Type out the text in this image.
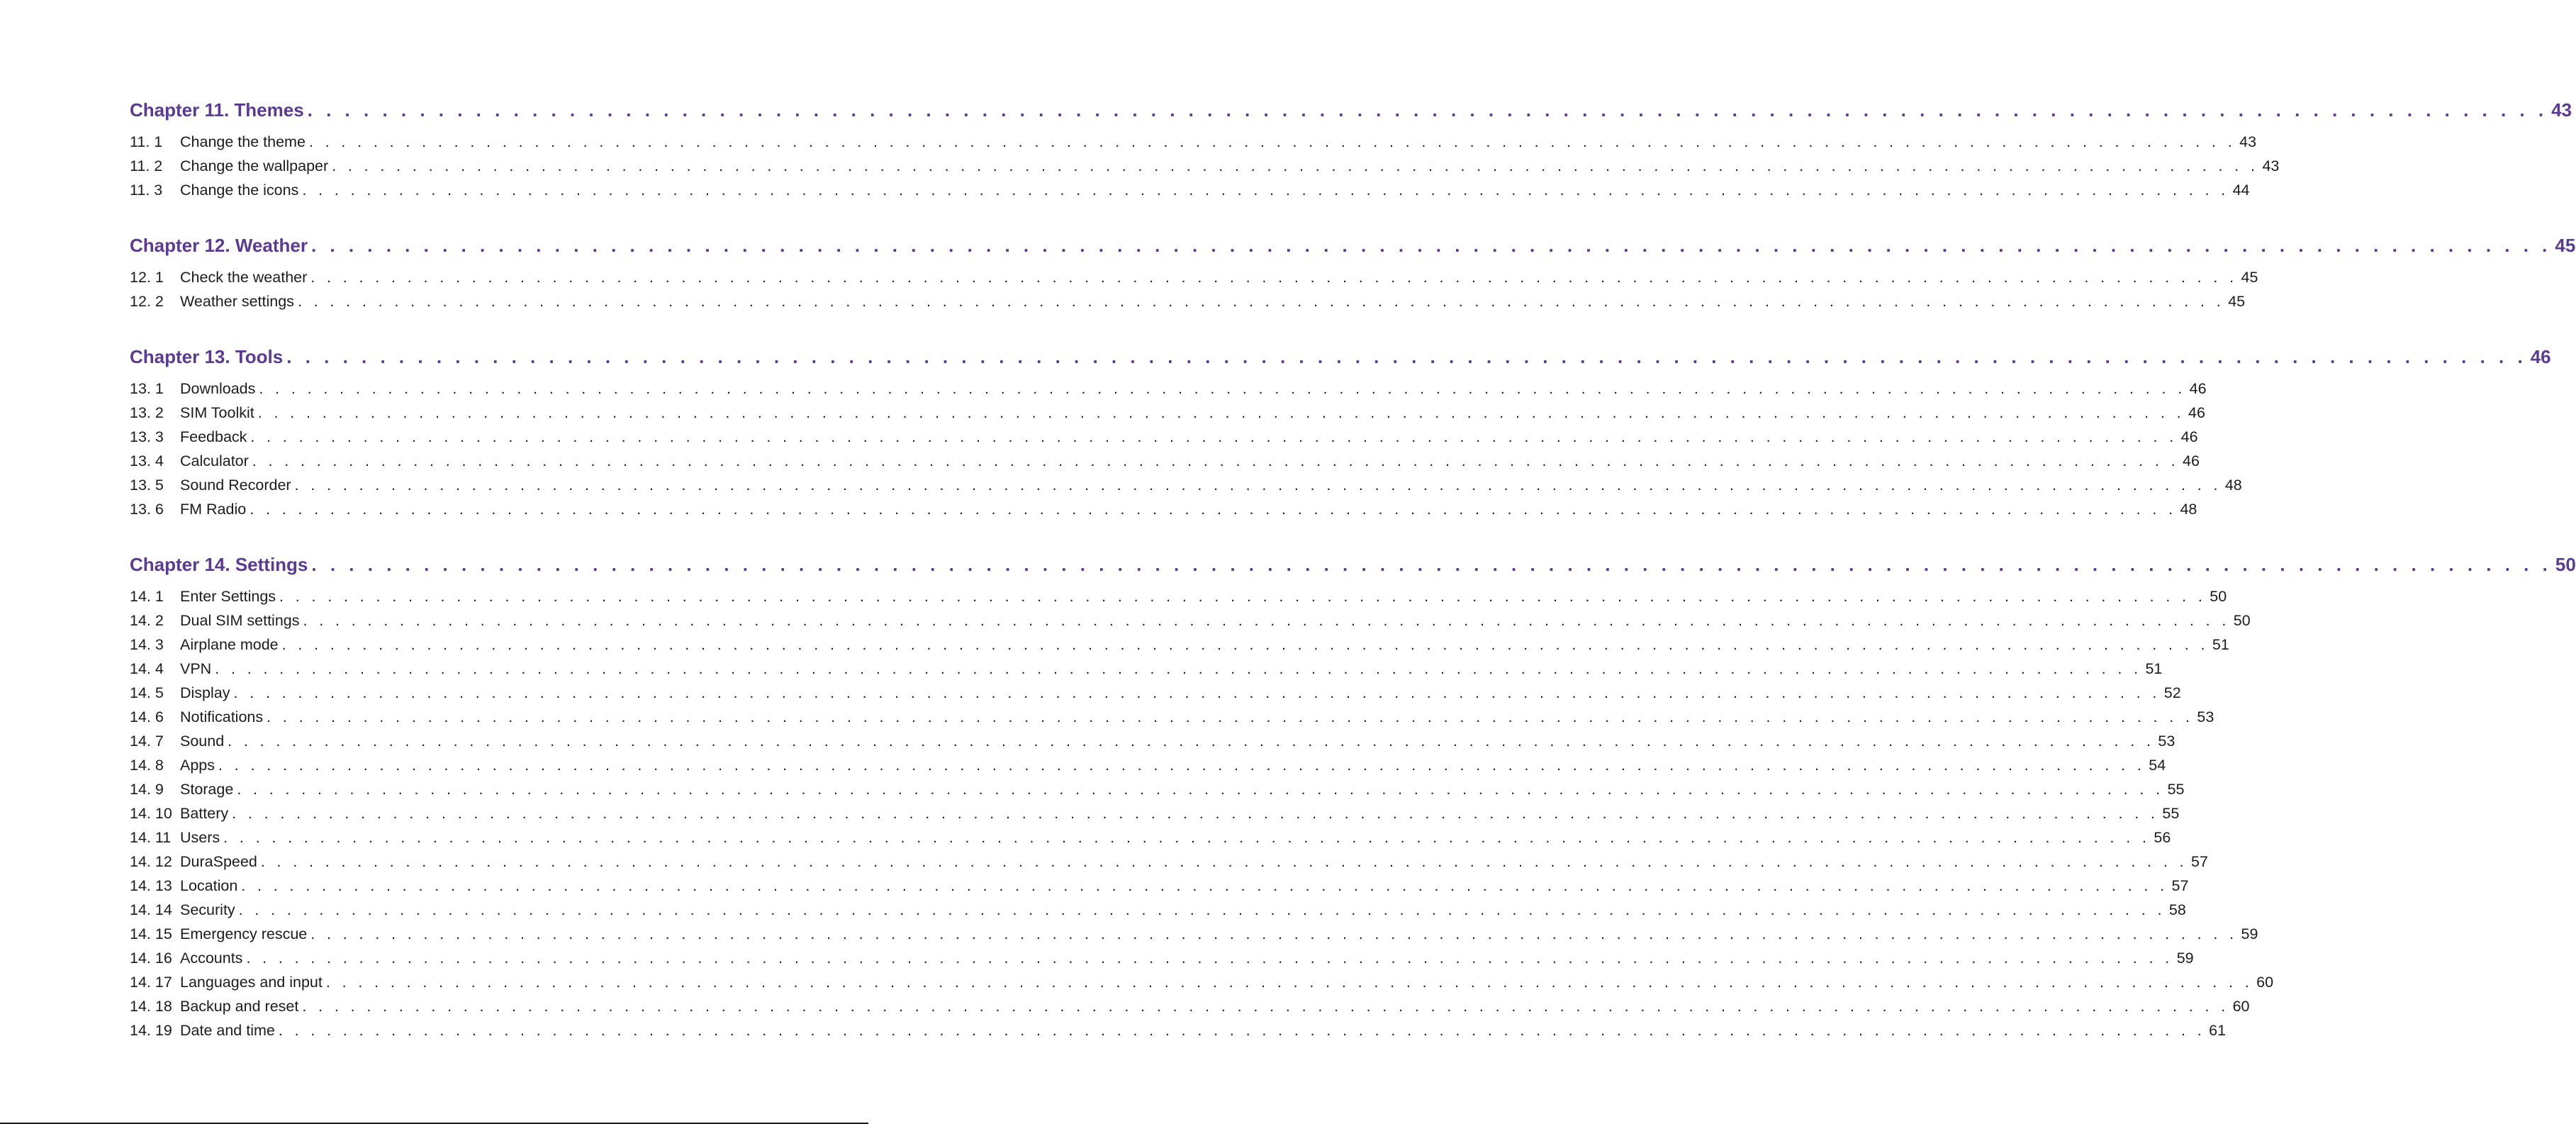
Chapter 11. Themes . . . . . . . . . . . . . . . . . . . . . . . . . . . . . . . . . . . . . . . . . . . . . . . . . . . . . . . . . . . . . . . . . . . . . . . . . . . . . . . . . . . . . . . . . . . . . . . . . . . . . . . . . . . . . . . . . . . . . . . . 43
11. 1	Change the theme . . . . . . . . . . . . . . . . . . . . . . . . . . . . . . . . . . . . . . . . . . . . . . . . . . . . . . . . . . . . . . . . . . . . . . . . . . . . . . . . . . . . . . . . . . . . . . . . . . . . . . . . . . . . . . . . . . . . . . . . 43
11. 2	Change the wallpaper . . . . . . . . . . . . . . . . . . . . . . . . . . . . . . . . . . . . . . . . . . . . . . . . . . . . . . . . . . . . . . . . . . . . . . . . . . . . . . . . . . . . . . . . . . . . . . . . . . . . . . . . . . . . . . . . . . . . . . . . 43
11. 3	Change the icons . . . . . . . . . . . . . . . . . . . . . . . . . . . . . . . . . . . . . . . . . . . . . . . . . . . . . . . . . . . . . . . . . . . . . . . . . . . . . . . . . . . . . . . . . . . . . . . . . . . . . . . . . . . . . . . . . . . . . . . . 44
Chapter 12. Weather . . . . . . . . . . . . . . . . . . . . . . . . . . . . . . . . . . . . . . . . . . . . . . . . . . . . . . . . . . . . . . . . . . . . . . . . . . . . . . . . . . . . . . . . . . . . . . . . . . . . . . . . . . . . . . . . . . . . . . . . 45
12. 1	Check the weather . . . . . . . . . . . . . . . . . . . . . . . . . . . . . . . . . . . . . . . . . . . . . . . . . . . . . . . . . . . . . . . . . . . . . . . . . . . . . . . . . . . . . . . . . . . . . . . . . . . . . . . . . . . . . . . . . . . . . . . . 45
12. 2	Weather settings . . . . . . . . . . . . . . . . . . . . . . . . . . . . . . . . . . . . . . . . . . . . . . . . . . . . . . . . . . . . . . . . . . . . . . . . . . . . . . . . . . . . . . . . . . . . . . . . . . . . . . . . . . . . . . . . . . . . . . . . 45
Chapter 13. Tools . . . . . . . . . . . . . . . . . . . . . . . . . . . . . . . . . . . . . . . . . . . . . . . . . . . . . . . . . . . . . . . . . . . . . . . . . . . . . . . . . . . . . . . . . . . . . . . . . . . . . . . . . . . . . . . . . . . . . . . . 46
13. 1	Downloads . . . . . . . . . . . . . . . . . . . . . . . . . . . . . . . . . . . . . . . . . . . . . . . . . . . . . . . . . . . . . . . . . . . . . . . . . . . . . . . . . . . . . . . . . . . . . . . . . . . . . . . . . . . . . . . . . . . . . . . . 46
13. 2	SIM Toolkit . . . . . . . . . . . . . . . . . . . . . . . . . . . . . . . . . . . . . . . . . . . . . . . . . . . . . . . . . . . . . . . . . . . . . . . . . . . . . . . . . . . . . . . . . . . . . . . . . . . . . . . . . . . . . . . . . . . . . . . . 46
13. 3	Feedback . . . . . . . . . . . . . . . . . . . . . . . . . . . . . . . . . . . . . . . . . . . . . . . . . . . . . . . . . . . . . . . . . . . . . . . . . . . . . . . . . . . . . . . . . . . . . . . . . . . . . . . . . . . . . . . . . . . . . . . . 46
13. 4	Calculator . . . . . . . . . . . . . . . . . . . . . . . . . . . . . . . . . . . . . . . . . . . . . . . . . . . . . . . . . . . . . . . . . . . . . . . . . . . . . . . . . . . . . . . . . . . . . . . . . . . . . . . . . . . . . . . . . . . . . . . . 46
13. 5	Sound Recorder . . . . . . . . . . . . . . . . . . . . . . . . . . . . . . . . . . . . . . . . . . . . . . . . . . . . . . . . . . . . . . . . . . . . . . . . . . . . . . . . . . . . . . . . . . . . . . . . . . . . . . . . . . . . . . . . . . . . . . . . 48
13. 6	FM Radio . . . . . . . . . . . . . . . . . . . . . . . . . . . . . . . . . . . . . . . . . . . . . . . . . . . . . . . . . . . . . . . . . . . . . . . . . . . . . . . . . . . . . . . . . . . . . . . . . . . . . . . . . . . . . . . . . . . . . . . . 48
Chapter 14. Settings . . . . . . . . . . . . . . . . . . . . . . . . . . . . . . . . . . . . . . . . . . . . . . . . . . . . . . . . . . . . . . . . . . . . . . . . . . . . . . . . . . . . . . . . . . . . . . . . . . . . . . . . . . . . . . . . . . . . . . . . 50
14. 1	Enter Settings . . . . . . . . . . . . . . . . . . . . . . . . . . . . . . . . . . . . . . . . . . . . . . . . . . . . . . . . . . . . . . . . . . . . . . . . . . . . . . . . . . . . . . . . . . . . . . . . . . . . . . . . . . . . . . . . . . . . . . . . 50
14. 2	Dual SIM settings . . . . . . . . . . . . . . . . . . . . . . . . . . . . . . . . . . . . . . . . . . . . . . . . . . . . . . . . . . . . . . . . . . . . . . . . . . . . . . . . . . . . . . . . . . . . . . . . . . . . . . . . . . . . . . . . . . . . . . . . 50
14. 3	Airplane mode . . . . . . . . . . . . . . . . . . . . . . . . . . . . . . . . . . . . . . . . . . . . . . . . . . . . . . . . . . . . . . . . . . . . . . . . . . . . . . . . . . . . . . . . . . . . . . . . . . . . . . . . . . . . . . . . . . . . . . . . 51
14. 4	VPN . . . . . . . . . . . . . . . . . . . . . . . . . . . . . . . . . . . . . . . . . . . . . . . . . . . . . . . . . . . . . . . . . . . . . . . . . . . . . . . . . . . . . . . . . . . . . . . . . . . . . . . . . . . . . . . . . . . . . . . . 51
14. 5	Display . . . . . . . . . . . . . . . . . . . . . . . . . . . . . . . . . . . . . . . . . . . . . . . . . . . . . . . . . . . . . . . . . . . . . . . . . . . . . . . . . . . . . . . . . . . . . . . . . . . . . . . . . . . . . . . . . . . . . . . . 52
14. 6	Notifications . . . . . . . . . . . . . . . . . . . . . . . . . . . . . . . . . . . . . . . . . . . . . . . . . . . . . . . . . . . . . . . . . . . . . . . . . . . . . . . . . . . . . . . . . . . . . . . . . . . . . . . . . . . . . . . . . . . . . . . . 53
14. 7	Sound . . . . . . . . . . . . . . . . . . . . . . . . . . . . . . . . . . . . . . . . . . . . . . . . . . . . . . . . . . . . . . . . . . . . . . . . . . . . . . . . . . . . . . . . . . . . . . . . . . . . . . . . . . . . . . . . . . . . . . . . 53
14. 8	Apps . . . . . . . . . . . . . . . . . . . . . . . . . . . . . . . . . . . . . . . . . . . . . . . . . . . . . . . . . . . . . . . . . . . . . . . . . . . . . . . . . . . . . . . . . . . . . . . . . . . . . . . . . . . . . . . . . . . . . . . . 54
14. 9	Storage . . . . . . . . . . . . . . . . . . . . . . . . . . . . . . . . . . . . . . . . . . . . . . . . . . . . . . . . . . . . . . . . . . . . . . . . . . . . . . . . . . . . . . . . . . . . . . . . . . . . . . . . . . . . . . . . . . . . . . . . 55
14. 10 Battery . . . . . . . . . . . . . . . . . . . . . . . . . . . . . . . . . . . . . . . . . . . . . . . . . . . . . . . . . . . . . . . . . . . . . . . . . . . . . . . . . . . . . . . . . . . . . . . . . . . . . . . . . . . . . . . . . . . . . . . . 55
14. 11 Users . . . . . . . . . . . . . . . . . . . . . . . . . . . . . . . . . . . . . . . . . . . . . . . . . . . . . . . . . . . . . . . . . . . . . . . . . . . . . . . . . . . . . . . . . . . . . . . . . . . . . . . . . . . . . . . . . . . . . . . . 56
14. 12 DuraSpeed . . . . . . . . . . . . . . . . . . . . . . . . . . . . . . . . . . . . . . . . . . . . . . . . . . . . . . . . . . . . . . . . . . . . . . . . . . . . . . . . . . . . . . . . . . . . . . . . . . . . . . . . . . . . . . . . . . . . . . . . 57
14. 13 Location . . . . . . . . . . . . . . . . . . . . . . . . . . . . . . . . . . . . . . . . . . . . . . . . . . . . . . . . . . . . . . . . . . . . . . . . . . . . . . . . . . . . . . . . . . . . . . . . . . . . . . . . . . . . . . . . . . . . . . . . 57
14. 14 Security . . . . . . . . . . . . . . . . . . . . . . . . . . . . . . . . . . . . . . . . . . . . . . . . . . . . . . . . . . . . . . . . . . . . . . . . . . . . . . . . . . . . . . . . . . . . . . . . . . . . . . . . . . . . . . . . . . . . . . . . 58
14. 15 Emergency rescue . . . . . . . . . . . . . . . . . . . . . . . . . . . . . . . . . . . . . . . . . . . . . . . . . . . . . . . . . . . . . . . . . . . . . . . . . . . . . . . . . . . . . . . . . . . . . . . . . . . . . . . . . . . . . . . . . . . . . . . . 59
14. 16 Accounts . . . . . . . . . . . . . . . . . . . . . . . . . . . . . . . . . . . . . . . . . . . . . . . . . . . . . . . . . . . . . . . . . . . . . . . . . . . . . . . . . . . . . . . . . . . . . . . . . . . . . . . . . . . . . . . . . . . . . . . . 59
14. 17 Languages and input . . . . . . . . . . . . . . . . . . . . . . . . . . . . . . . . . . . . . . . . . . . . . . . . . . . . . . . . . . . . . . . . . . . . . . . . . . . . . . . . . . . . . . . . . . . . . . . . . . . . . . . . . . . . . . . . . . . . . . . . 60
14. 18 Backup and reset . . . . . . . . . . . . . . . . . . . . . . . . . . . . . . . . . . . . . . . . . . . . . . . . . . . . . . . . . . . . . . . . . . . . . . . . . . . . . . . . . . . . . . . . . . . . . . . . . . . . . . . . . . . . . . . . . . . . . . . . 60
14. 19 Date and time . . . . . . . . . . . . . . . . . . . . . . . . . . . . . . . . . . . . . . . . . . . . . . . . . . . . . . . . . . . . . . . . . . . . . . . . . . . . . . . . . . . . . . . . . . . . . . . . . . . . . . . . . . . . . . . . . . . . . . . . 61
